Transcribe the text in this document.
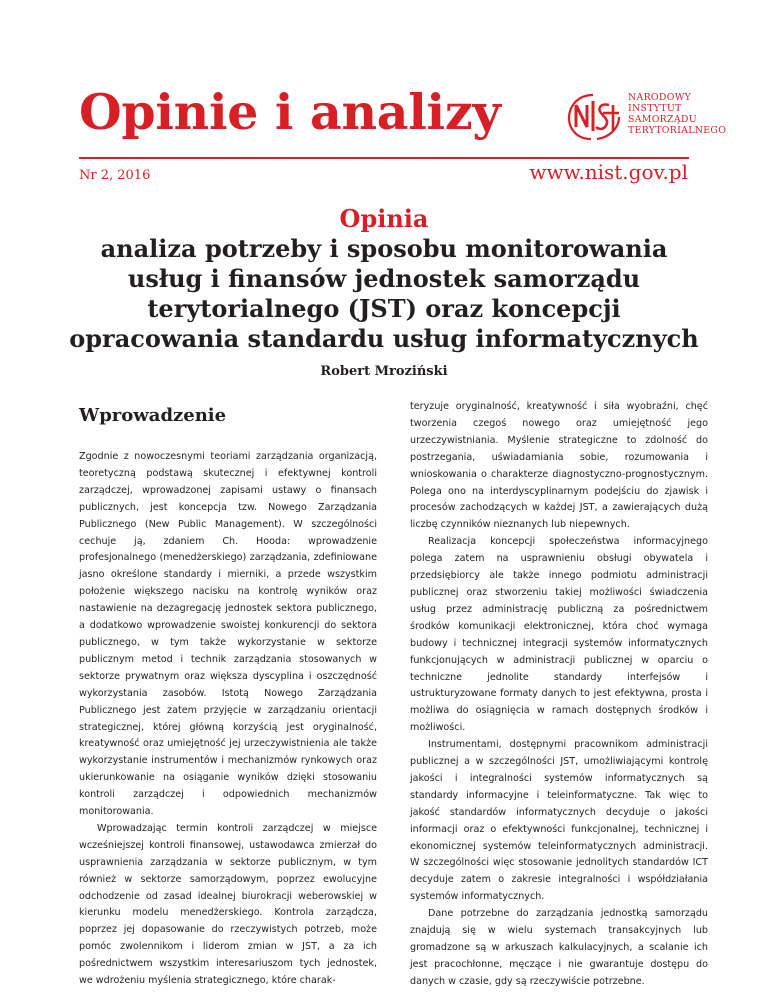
Opinie i analizy	NARODOWY
INSTYTUT
SAMORZĄDU
TERYTORIALNEGO
Nr 2, 2016	www.nist.gov.pl
Opinia
analiza potrzeby i sposobu monitorowania
usług i finansów jednostek samorządu
terytorialnego (JST) oraz koncepcji
opracowania standardu usług informatycznych
Robert Mroziński
Wprowadzenie

Zgodnie z nowoczesnymi teoriami zarządzania organizacją, teoretyczną podstawą skutecznej i efektywnej kontroli zarządczej, wprowadzonej zapisami ustawy o finansach publicznych, jest koncepcja tzw. Nowego Zarządzania Publicznego (New Public Management). W szczególności cechuje ją, zdaniem Ch. Hooda: wprowadzenie profesjonalnego (menedżerskiego) zarządzania, zdefiniowane jasno określone standardy i mierniki, a przede wszystkim położenie większego nacisku na kontrolę wyników oraz nastawienie na dezagregację jednostek sektora publicznego, a dodatkowo wprowadzenie swoistej konkurencji do sektora publicznego, w tym także wykorzystanie w sektorze publicznym metod i technik zarządzania stosowanych w sektorze prywatnym oraz większa dyscyplina i oszczędność wykorzystania zasobów. Istotą Nowego Zarządzania Publicznego jest zatem przyjęcie w zarządzaniu orientacji strategicznej, której główną korzyścią jest oryginalność, kreatywność oraz umiejętność jej urzeczywistnienia ale także wykorzystanie instrumentów i mechanizmów rynkowych oraz ukierunkowanie na osiąganie wyników dzięki stosowaniu kontroli zarządczej i odpowiednich mechanizmów monitorowania.

Wprowadzając termin kontroli zarządczej w miejsce wcześniejszej kontroli finansowej, ustawodawca zmierzał do usprawnienia zarządzania w sektorze publicznym, w tym również w sektorze samorządowym, poprzez ewolucyjne odchodzenie od zasad idealnej biurokracji weberowskiej w kierunku modelu menedżerskiego. Kontrola zarządcza, poprzez jej dopasowanie do rzeczywistych potrzeb, może pomóc zwolennikom i liderom zmian w JST, a za ich pośrednictwem wszystkim interesariuszom tych jednostek, we wdrożeniu myślenia strategicznego, które charak-

teryzuje oryginalność, kreatywność i siła wyobraźni, chęć tworzenia czegoś nowego oraz umiejętność jego urzeczywistniania. Myślenie strategiczne to zdolność do postrzegania, uświadamiania sobie, rozumowania i wnioskowania o charakterze diagnostyczno-prognostycznym. Polega ono na interdyscyplinarnym podejściu do zjawisk i procesów zachodzących w każdej JST, a zawierających dużą liczbę czynników nieznanych lub niepewnych.

Realizacja koncepcji społeczeństwa informacyjnego polega zatem na usprawnieniu obsługi obywatela i przedsiębiorcy ale także innego podmiotu administracji publicznej oraz stworzeniu takiej możliwości świadczenia usług przez administrację publiczną za pośrednictwem środków komunikacji elektronicznej, która choć wymaga budowy i technicznej integracji systemów informatycznych funkcjonujących w administracji publicznej w oparciu o techniczne jednolite standardy interfejsów i ustrukturyzowane formaty danych to jest efektywna, prosta i możliwa do osiągnięcia w ramach dostępnych środków i możliwości.

Instrumentami, dostępnymi pracownikom administracji publicznej a w szczególności JST, umożliwiającymi kontrolę jakości i integralności systemów informatycznych są standardy informacyjne i teleinformatyczne. Tak więc to jakość standardów informatycznych decyduje o jakości informacji oraz o efektywności funkcjonalnej, technicznej i ekonomicznej systemów teleinformatycznych administracji. W szczególności więc stosowanie jednolitych standardów ICT decyduje zatem o zakresie integralności i współdziałania systemów informatycznych.

Dane potrzebne do zarządzania jednostką samorządu znajdują się w wielu systemach transakcyjnych lub gromadzone są w arkuszach kalkulacyjnych, a scalanie ich jest pracochłonne, męczące i nie gwarantuje dostępu do danych w czasie, gdy są rzeczywiście potrzebne.
